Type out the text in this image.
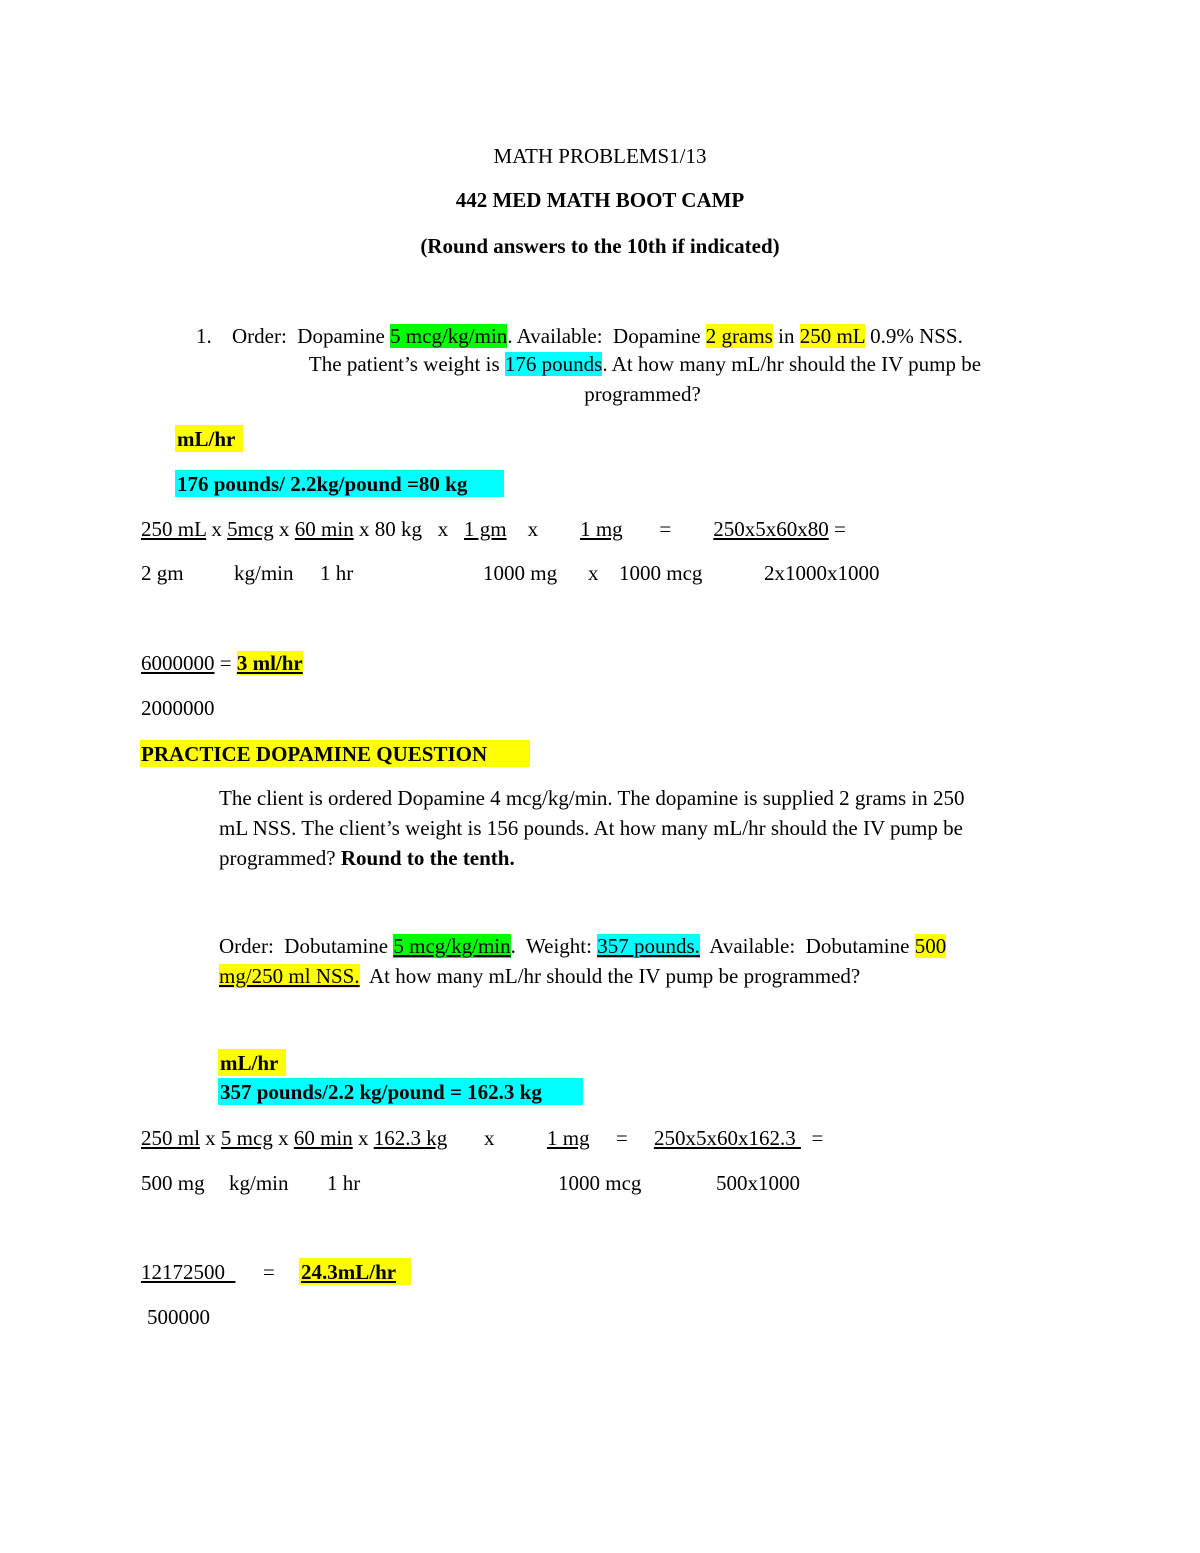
MATH PROBLEMS1/13
442 MED MATH BOOT CAMP
(Round answers to the 10th if indicated)
1. Order:  Dopamine 5 mcg/kg/min. Available:  Dopamine 2 grams in 250 mL 0.9% NSS.
The patient’s weight is 176 pounds. At how many mL/hr should the IV pump be
programmed?
mL/hr
176 pounds/ 2.2kg/pound =80 kg
250 mL x 5mcg x 60 min x 80 kg   x   1 gm    x        1 mg       =        250x5x60x80 =
2 gm kg/min 1 hr	1000 mg x 1000 mcg	2x1000x1000
6000000 = 3 ml/hr
2000000
PRACTICE DOPAMINE QUESTION
The client is ordered Dopamine 4 mcg/kg/min. The dopamine is supplied 2 grams in 250
mL NSS. The client’s weight is 156 pounds. At how many mL/hr should the IV pump be
programmed? Round to the tenth.
Order:  Dobutamine 5 mcg/kg/min.  Weight: 357 pounds.  Available:  Dobutamine 500
mg/250 ml NSS.  At how many mL/hr should the IV pump be programmed?
mL/hr
357 pounds/2.2 kg/pound = 162.3 kg
250 ml x 5 mcg x 60 min x 162.3 kg       x          1 mg     =     250x5x60x162.3   =
500 mg kg/min 1 hr	1000 mcg	500x1000
12172500 = 24.3mL/hr
500000
